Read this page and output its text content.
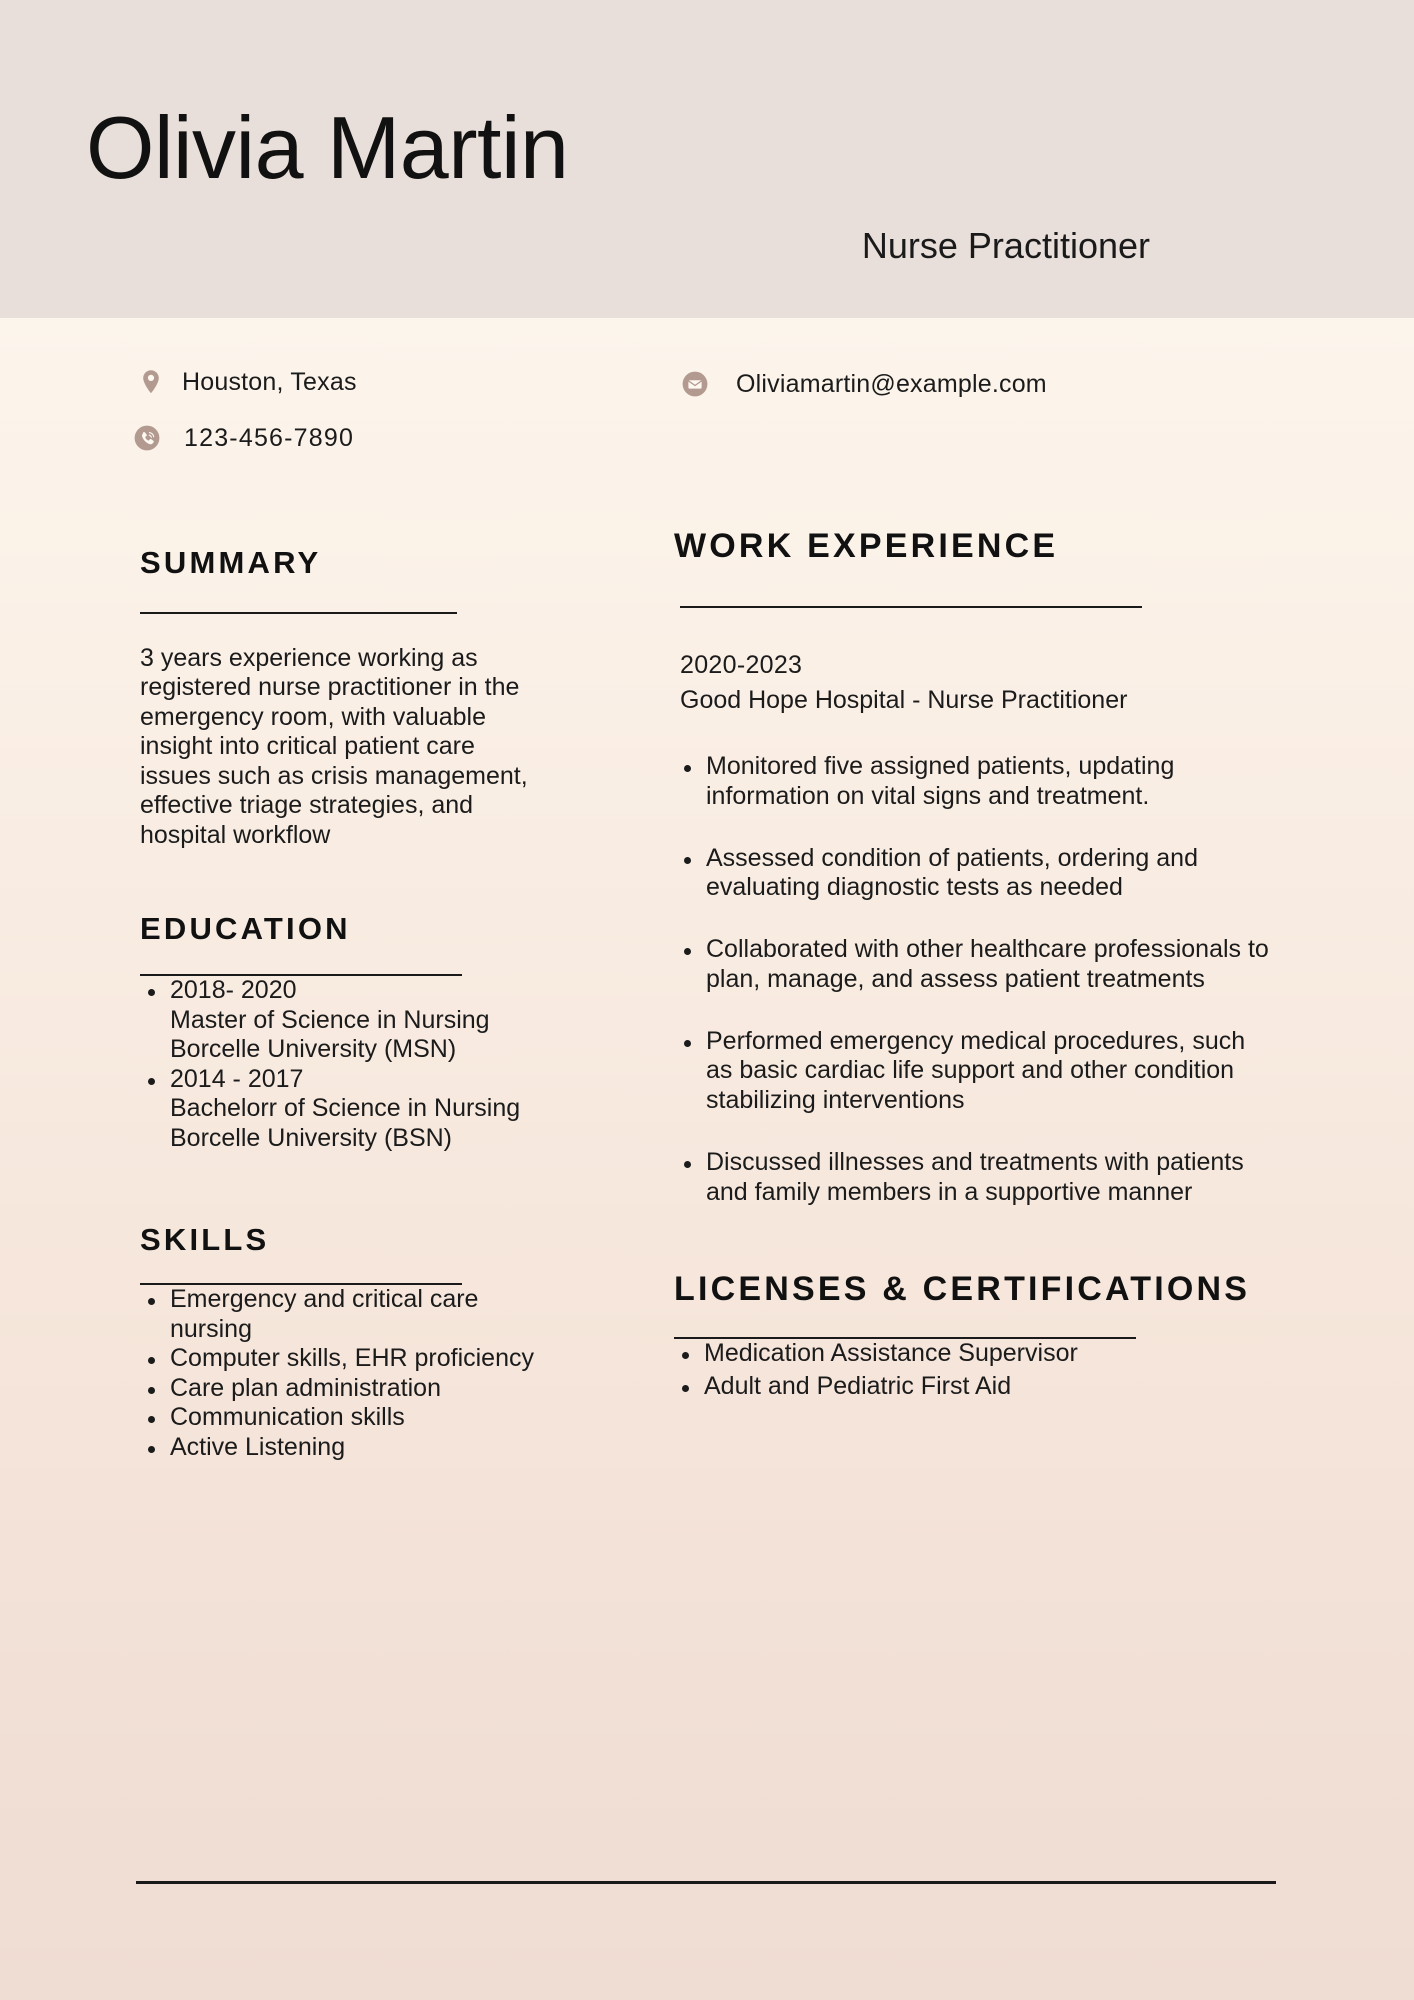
Olivia Martin
Nurse Practitioner
Houston, Texas
123-456-7890
Oliviamartin@example.com
SUMMARY

3 years experience working as registered nurse practitioner in the emergency room, with valuable insight into critical patient care issues such as crisis management, effective triage strategies, and hospital workflow

EDUCATION
2018- 2020
Master of Science in Nursing
Borcelle University (MSN)
2014 - 2017
Bachelorr of Science in Nursing
Borcelle University (BSN)
SKILLS
Emergency and critical care nursing
Computer skills, EHR proficiency
Care plan administration
Communication skills
Active Listening
WORK EXPERIENCE
2020-2023
Good Hope Hospital - Nurse Practitioner
Monitored five assigned patients, updating information on vital signs and treatment.
Assessed condition of patients, ordering and evaluating diagnostic tests as needed
Collaborated with other healthcare professionals to plan, manage, and assess patient treatments
Performed emergency medical procedures, such as basic cardiac life support and other condition stabilizing interventions
Discussed illnesses and treatments with patients and family members in a supportive manner
LICENSES & CERTIFICATIONS
Medication Assistance Supervisor
Adult and Pediatric First Aid
